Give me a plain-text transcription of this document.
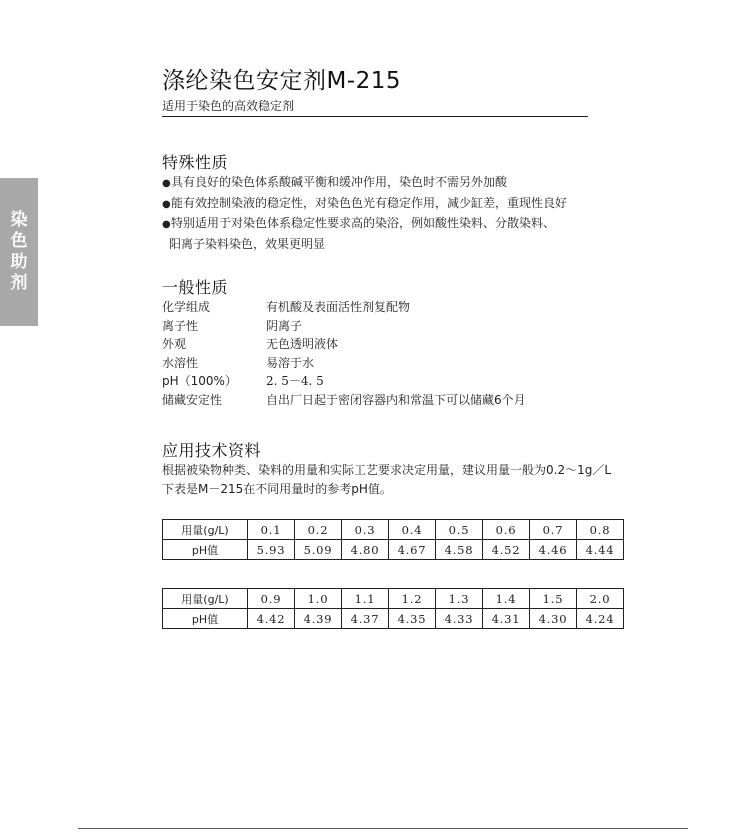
染
色
助
剂
涤纶染色安定剂M-215
适用于染色的高效稳定剂
特殊性质
●具有良好的染色体系酸碱平衡和缓冲作用，染色时不需另外加酸
●能有效控制染液的稳定性，对染色色光有稳定作用，减少缸差，重现性良好
●特别适用于对染色体系稳定性要求高的染浴，例如酸性染料、分散染料、
阳离子染料染色，效果更明显
一般性质
化学组成	有机酸及表面活性剂复配物
离子性	阴离子
外观	无色透明液体
水溶性	易溶于水
pH（100%）	2. 5－4. 5
储藏安定性	自出厂日起于密闭容器内和常温下可以储藏6个月
应用技术资料
根据被染物种类、染料的用量和实际工艺要求决定用量，建议用量一般为0.2～1g／L
下表是M－215在不同用量时的参考pH值。
用量(g/L)	0.1	0.2	0.3	0.4	0.5	0.6	0.7	0.8
pH值	5.93	5.09	4.80	4.67	4.58	4.52	4.46	4.44
用量(g/L)	0.9	1.0	1.1	1.2	1.3	1.4	1.5	2.0
pH值	4.42	4.39	4.37	4.35	4.33	4.31	4.30	4.24
